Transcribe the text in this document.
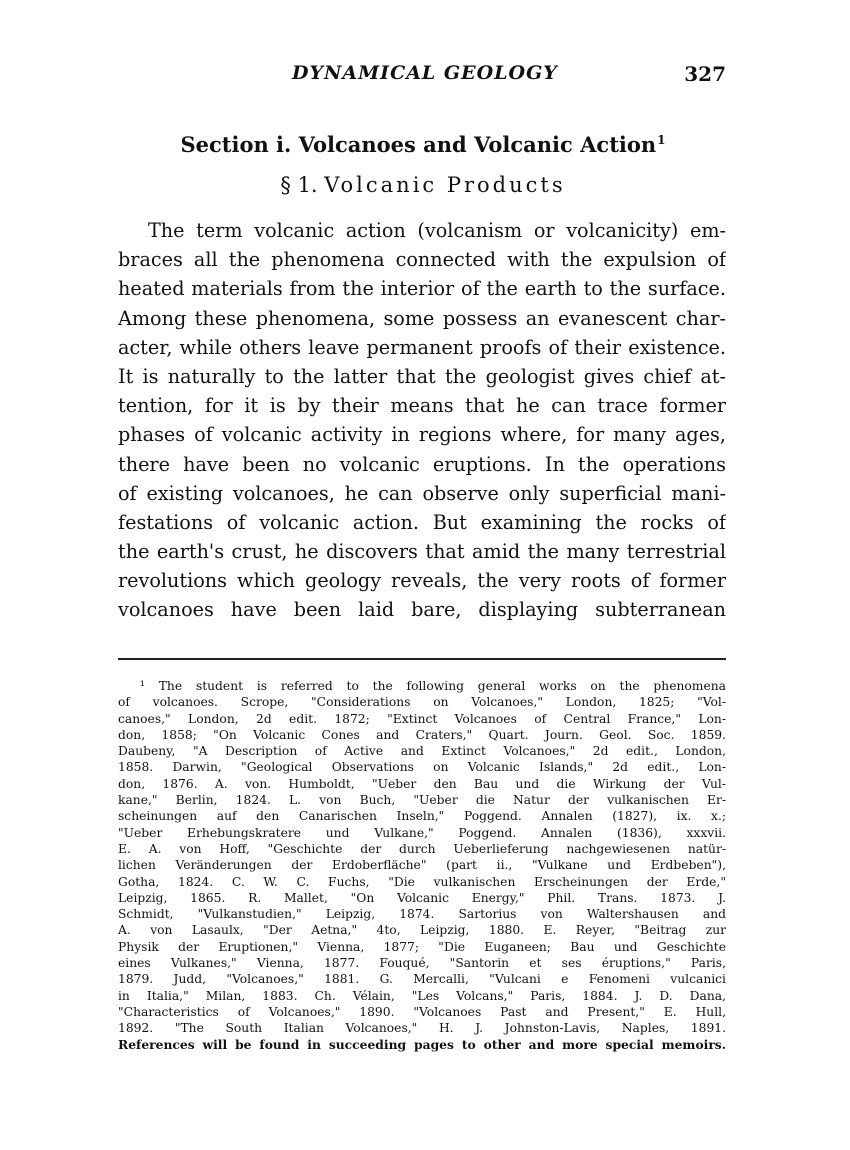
DYNAMICAL GEOLOGY	327
Section i. Volcanoes and Volcanic Action$^1$
§ 1. Volcanic Products
The term volcanic action (volcanism or volcanicity) em-
braces all the phenomena connected with the expulsion of
heated materials from the interior of the earth to the surface.
Among these phenomena, some possess an evanescent char-
acter, while others leave permanent proofs of their existence.
It is naturally to the latter that the geologist gives chief at-
tention, for it is by their means that he can trace former
phases of volcanic activity in regions where, for many ages,
there have been no volcanic eruptions. In the operations
of existing volcanoes, he can observe only superficial mani-
festations of volcanic action. But examining the rocks of
the earth's crust, he discovers that amid the many terrestrial
revolutions which geology reveals, the very roots of former
volcanoes have been laid bare, displaying subterranean
¹ The student is referred to the following general works on the phenomena
of volcanoes. Scrope, "Considerations on Volcanoes," London, 1825; "Vol-
canoes," London, 2d edit. 1872; "Extinct Volcanoes of Central France," Lon-
don, 1858; "On Volcanic Cones and Craters," Quart. Journ. Geol. Soc. 1859.
Daubeny, "A Description of Active and Extinct Volcanoes," 2d edit., London,
1858. Darwin, "Geological Observations on Volcanic Islands," 2d edit., Lon-
don, 1876. A. von. Humboldt, "Ueber den Bau und die Wirkung der Vul-
kane," Berlin, 1824. L. von Buch, "Ueber die Natur der vulkanischen Er-
scheinungen auf den Canarischen Inseln," Poggend. Annalen (1827), ix. x.;
"Ueber Erhebungskratere und Vulkane," Poggend. Annalen (1836), xxxvii.
E. A. von Hoff, "Geschichte der durch Ueberlieferung nachgewiesenen natür-
lichen Veränderungen der Erdoberfläche" (part ii., "Vulkane und Erdbeben"),
Gotha, 1824. C. W. C. Fuchs, "Die vulkanischen Erscheinungen der Erde,"
Leipzig, 1865. R. Mallet, "On Volcanic Energy," Phil. Trans. 1873. J.
Schmidt, "Vulkanstudien," Leipzig, 1874. Sartorius von Waltershausen and
A. von Lasaulx, "Der Aetna," 4to, Leipzig, 1880. E. Reyer, "Beitrag zur
Physik der Eruptionen," Vienna, 1877; "Die Euganeen; Bau und Geschichte
eines Vulkanes," Vienna, 1877. Fouqué, "Santorin et ses éruptions," Paris,
1879. Judd, "Volcanoes," 1881. G. Mercalli, "Vulcani e Fenomeni vulcanici
in Italia," Milan, 1883. Ch. Vélain, "Les Volcans," Paris, 1884. J. D. Dana,
"Characteristics of Volcanoes," 1890. "Volcanoes Past and Present," E. Hull,
1892. "The South Italian Volcanoes," H. J. Johnston-Lavis, Naples, 1891.
References will be found in succeeding pages to other and more special memoirs.
